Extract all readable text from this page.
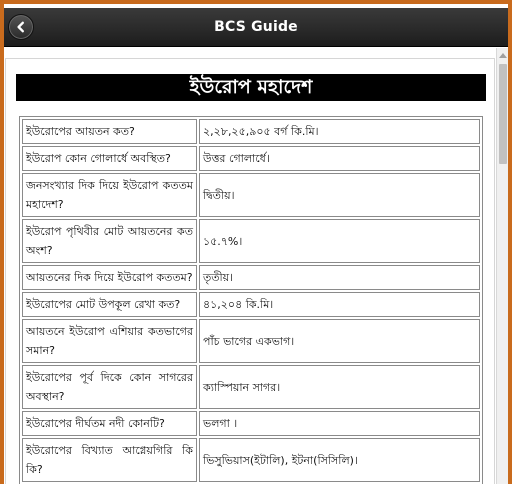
BCS Guide
ইউরোপ মহাদেশ
ইউরোপের আয়তন কত?	২,২৮,২৫,৯০৫ বর্গ কি.মি।
ইউরোপ কোন গোলার্ধে অবস্থিত?	উত্তর গোলার্ধে।
জনসংখ্যার দিক দিয়ে ইউরোপ কততম মহাদেশ?	দ্বিতীয়।
ইউরোপ পৃথিবীর মোট আয়তনের কত অংশ?	১৫.৭%।
আয়তনের দিক দিয়ে ইউরোপ কততম?	তৃতীয়।
ইউরোপের মোট উপকূল রেখা কত?	৪১,২০৪ কি.মি।
আয়তনে ইউরোপ এশিয়ার কতভাগের সমান?	পাঁচ ভাগের একভাগ।
ইউরোপের পূর্ব দিকে কোন সাগরের অবস্থান?	ক্যাস্পিয়ান সাগর।
ইউরোপের দীর্ঘতম নদী কোনটি?	ভলগা ।
ইউরোপের বিখ্যাত আগ্নেয়গিরি কি কি?	ভিসুভিয়াস(ইটালি), ইটনা(সিসিলি)।
